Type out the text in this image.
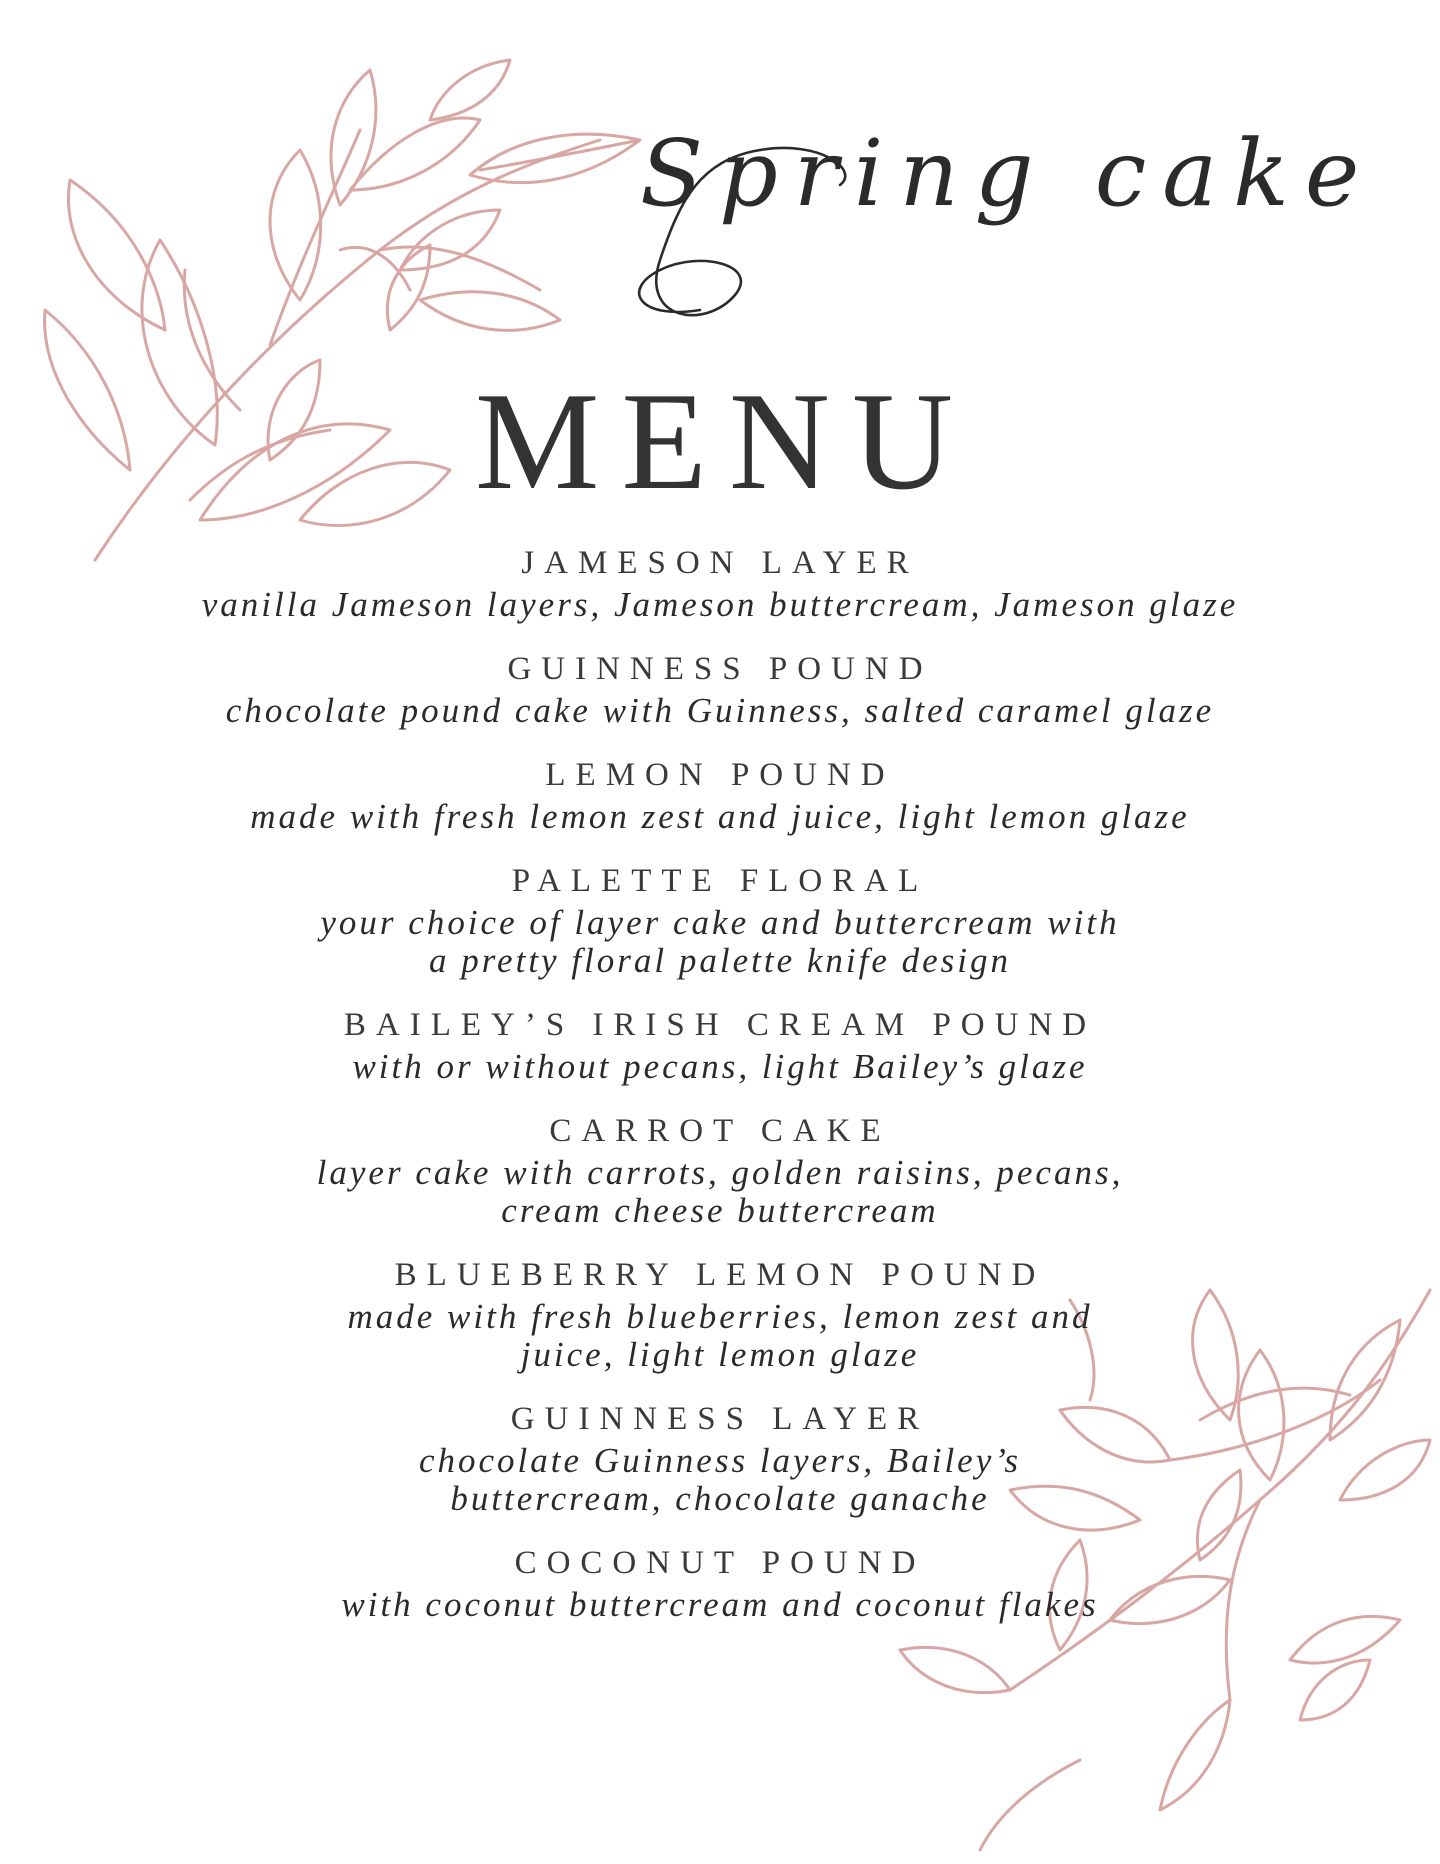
Spring cake
MENU
JAMESON LAYER
vanilla Jameson layers, Jameson buttercream, Jameson glaze
GUINNESS POUND
chocolate pound cake with Guinness, salted caramel glaze
LEMON POUND
made with fresh lemon zest and juice, light lemon glaze
PALETTE FLORAL
your choice of layer cake and buttercream with a pretty floral palette knife design
BAILEY’S IRISH CREAM POUND
with or without pecans, light Bailey’s glaze
CARROT CAKE
layer cake with carrots, golden raisins, pecans, cream cheese buttercream
BLUEBERRY LEMON POUND
made with fresh blueberries, lemon zest and juice, light lemon glaze
GUINNESS LAYER
chocolate Guinness layers, Bailey’s buttercream, chocolate ganache
COCONUT POUND
with coconut buttercream and coconut flakes
